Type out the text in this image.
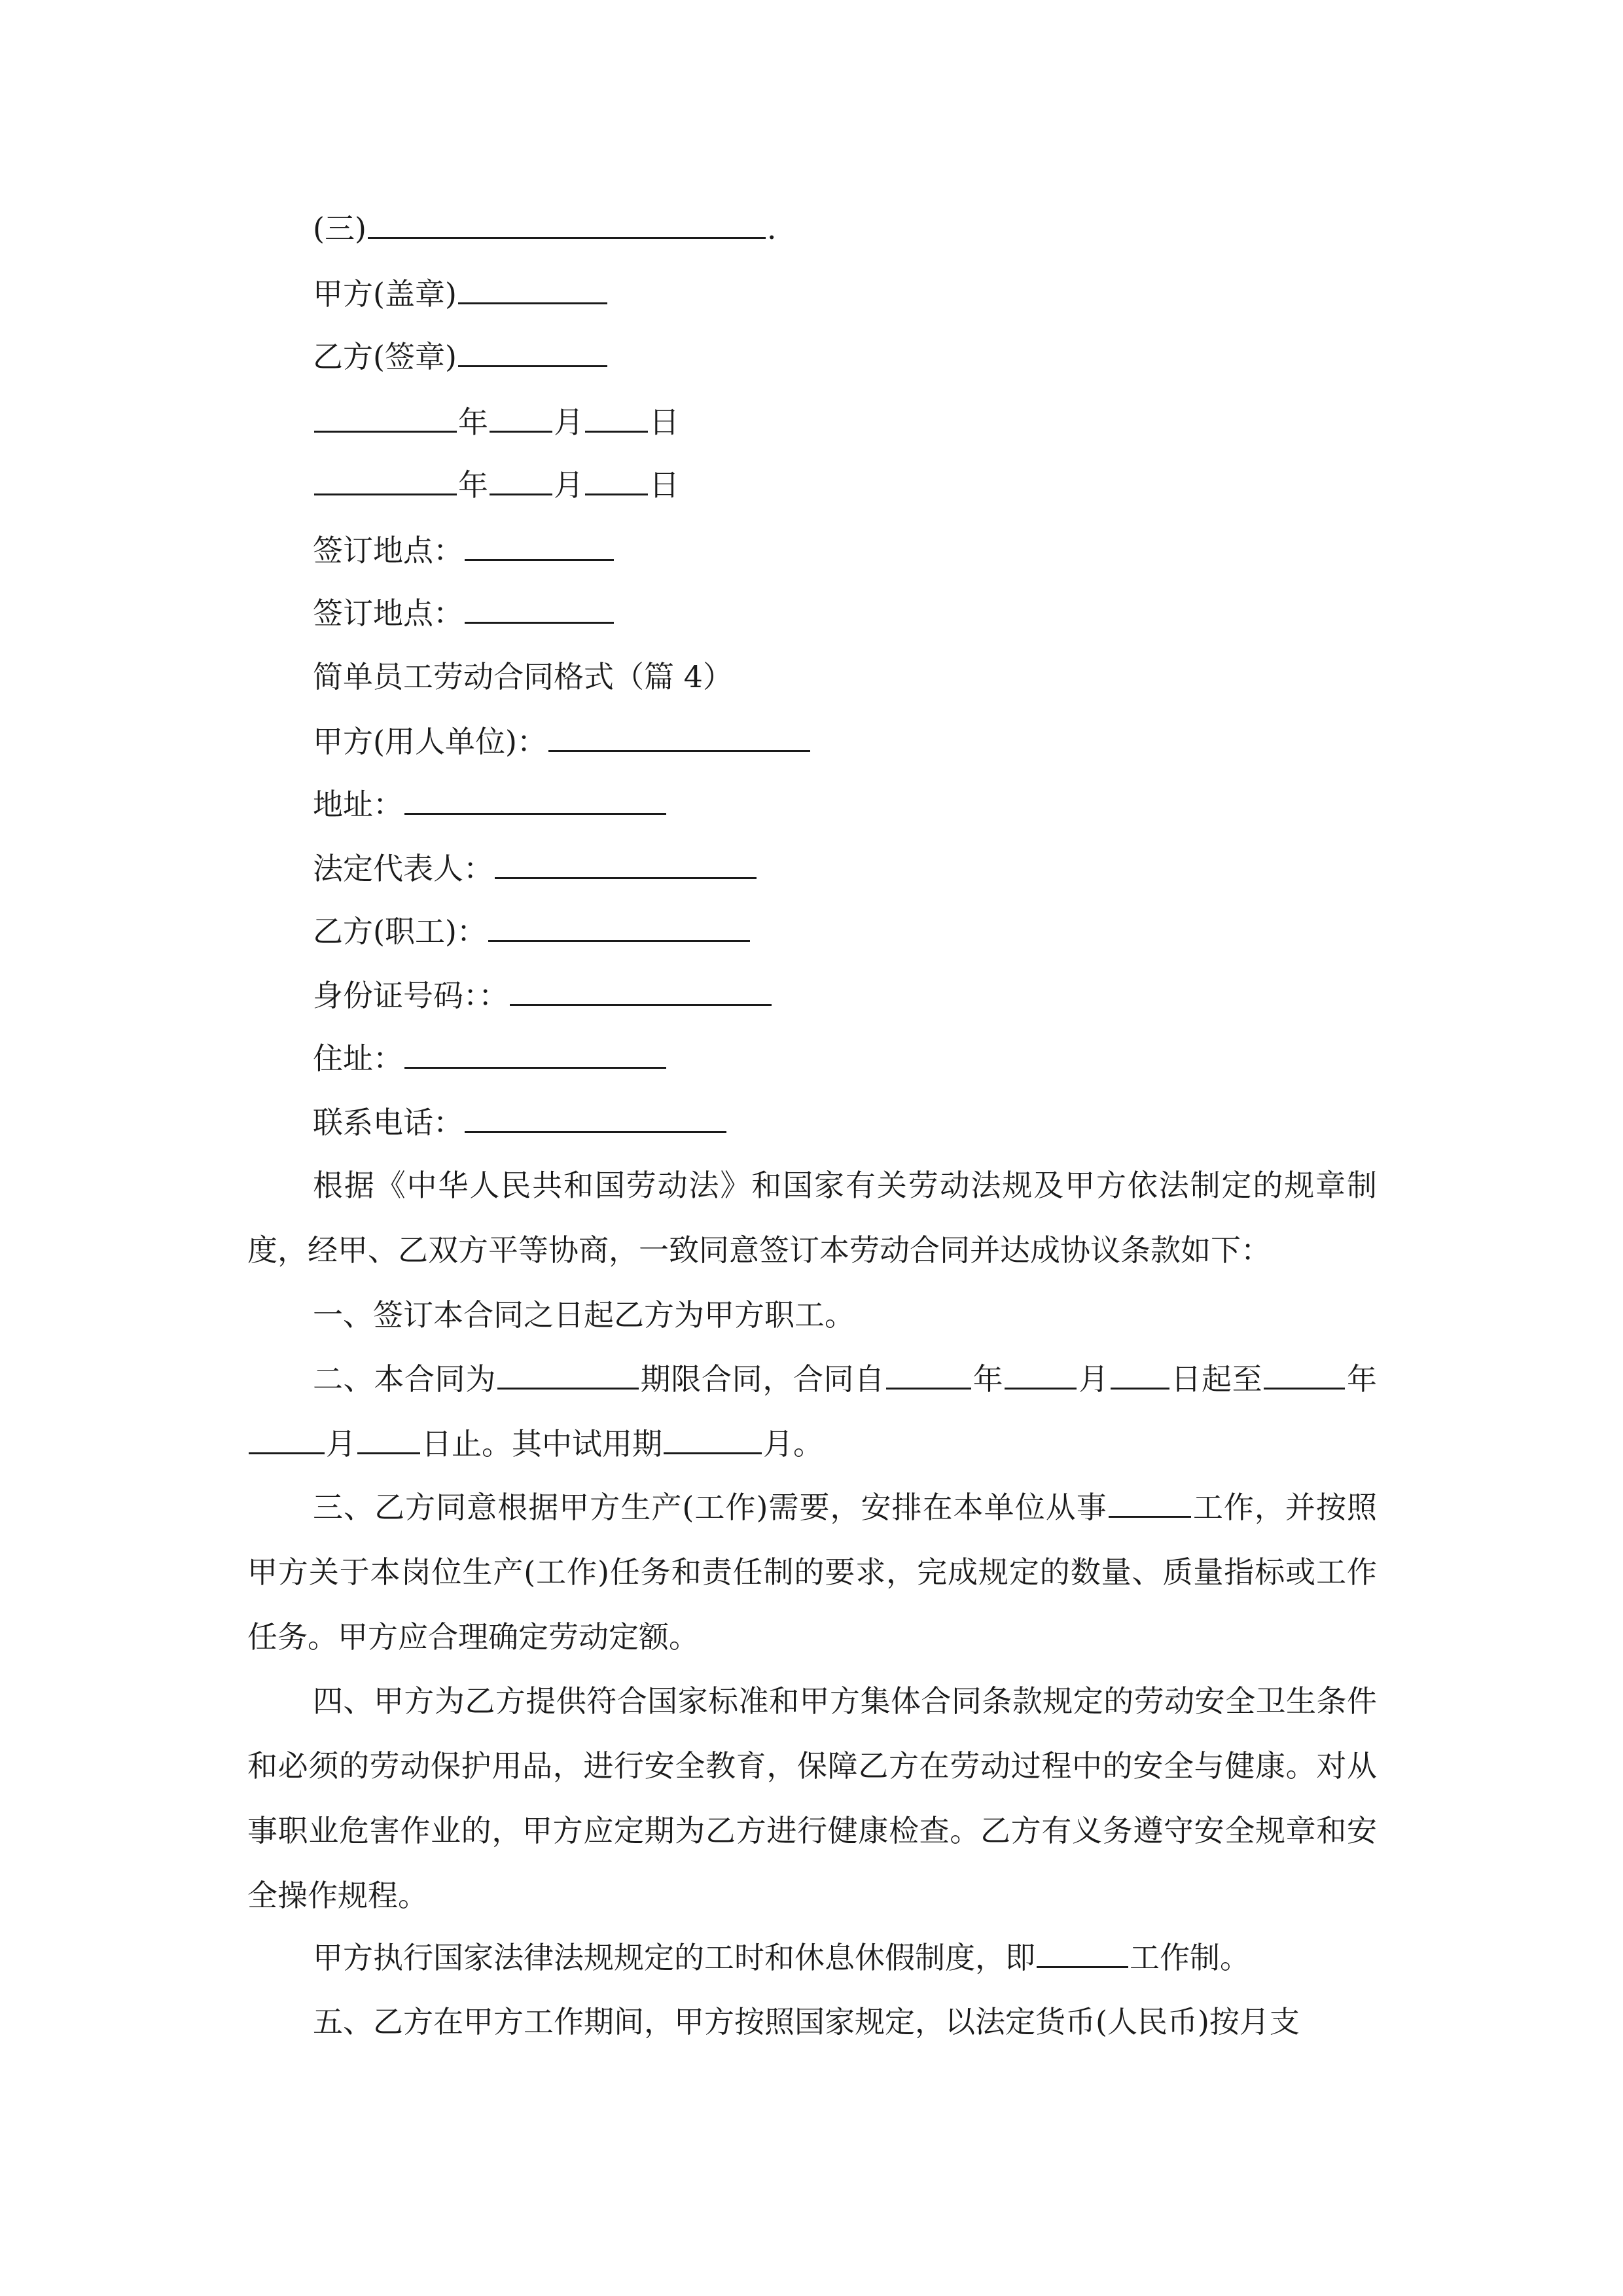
(三)	.
甲方(盖章)
乙方(签章)
年 月 日
年 月 日
签订地点：
签订地点：
简单员工劳动合同格式（篇 4）
甲方(用人单位)：
地址：
法定代表人：
乙方(职工)：
身份证号码：：
住址：
联系电话：
根据《中华人民共和国劳动法》和国家有关劳动法规及甲方依法制定的规章制度，经甲、乙双方平等协商，一致同意签订本劳动合同并达成协议条款如下：
一、签订本合同之日起乙方为甲方职工。
二、本合同为	期限合同，合同自	年 月 日起至	年月 日止。其中试用期	月。
三、乙方同意根据甲方生产(工作)需要，安排在本单位从事	工作，并按照甲方关于本岗位生产(工作)任务和责任制的要求，完成规定的数量、质量指标或工作任务。甲方应合理确定劳动定额。
四、甲方为乙方提供符合国家标准和甲方集体合同条款规定的劳动安全卫生条件和必须的劳动保护用品，进行安全教育，保障乙方在劳动过程中的安全与健康。对从事职业危害作业的，甲方应定期为乙方进行健康检查。乙方有义务遵守安全规章和安全操作规程。
甲方执行国家法律法规规定的工时和休息休假制度，即	工作制。
五、乙方在甲方工作期间，甲方按照国家规定，以法定货币(人民币)按月支
